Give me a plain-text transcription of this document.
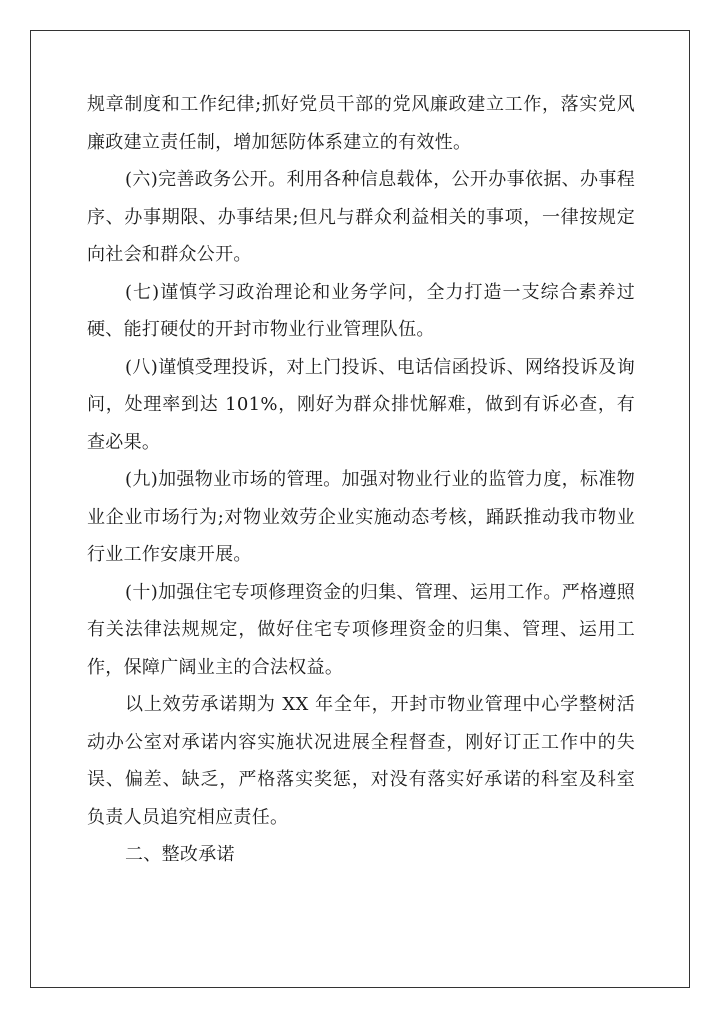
规章制度和工作纪律;抓好党员干部的党风廉政建立工作，落实党风廉政建立责任制，增加惩防体系建立的有效性。

(六)完善政务公开。利用各种信息载体，公开办事依据、办事程序、办事期限、办事结果;但凡与群众利益相关的事项，一律按规定向社会和群众公开。

(七)谨慎学习政治理论和业务学问，全力打造一支综合素养过硬、能打硬仗的开封市物业行业管理队伍。

(八)谨慎受理投诉，对上门投诉、电话信函投诉、网络投诉及询问，处理率到达 101%，刚好为群众排忧解难，做到有诉必查，有查必果。

(九)加强物业市场的管理。加强对物业行业的监管力度，标准物业企业市场行为;对物业效劳企业实施动态考核，踊跃推动我市物业行业工作安康开展。

(十)加强住宅专项修理资金的归集、管理、运用工作。严格遵照有关法律法规规定，做好住宅专项修理资金的归集、管理、运用工作，保障广阔业主的合法权益。

以上效劳承诺期为 XX 年全年，开封市物业管理中心学整树活动办公室对承诺内容实施状况进展全程督查，刚好订正工作中的失误、偏差、缺乏，严格落实奖惩，对没有落实好承诺的科室及科室负责人员追究相应责任。

二、整改承诺
